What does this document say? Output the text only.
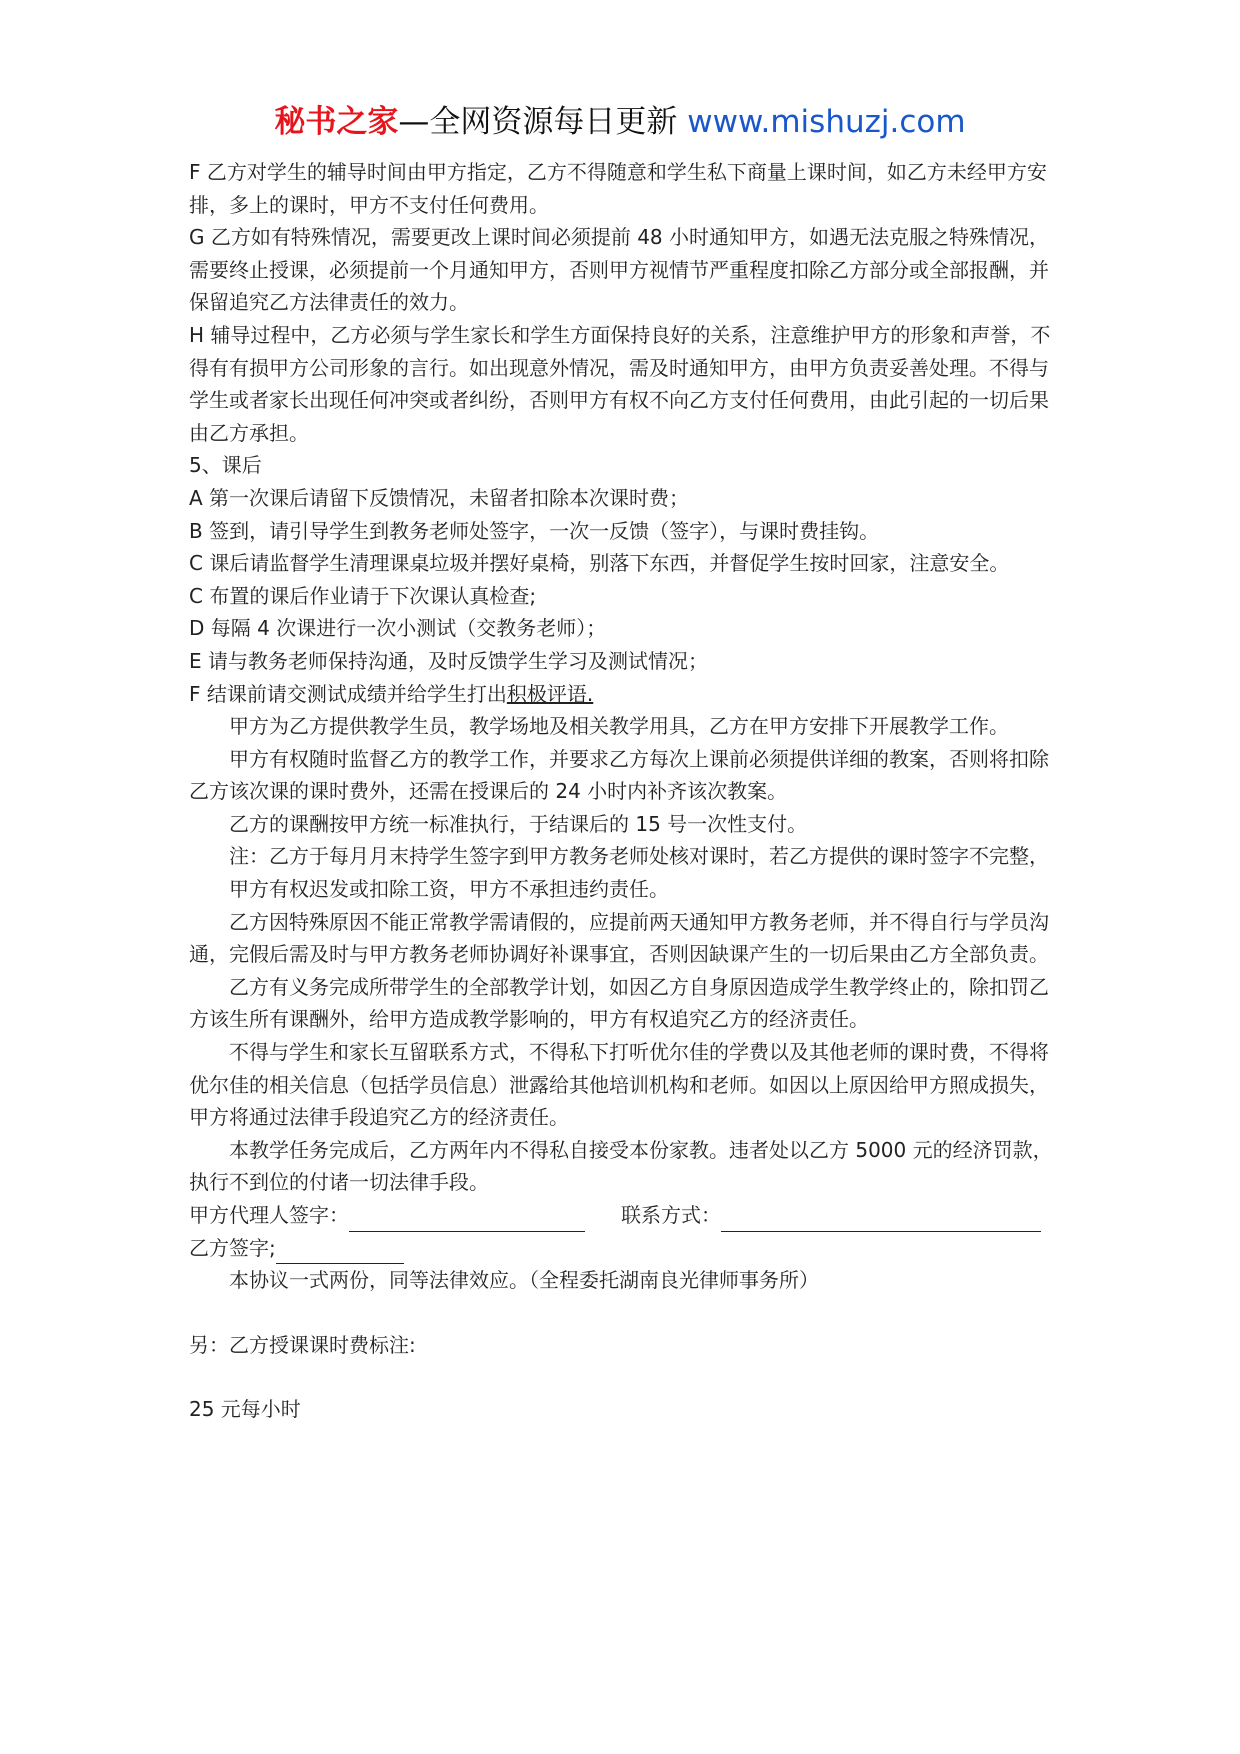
秘书之家—全网资源每日更新 www.mishuzj.com

F 乙方对学生的辅导时间由甲方指定，乙方不得随意和学生私下商量上课时间，如乙方未经甲方安排，多上的课时，甲方不支付任何费用。

G 乙方如有特殊情况，需要更改上课时间必须提前 48 小时通知甲方，如遇无法克服之特殊情况，需要终止授课，必须提前一个月通知甲方，否则甲方视情节严重程度扣除乙方部分或全部报酬，并保留追究乙方法律责任的效力。

H 辅导过程中，乙方必须与学生家长和学生方面保持良好的关系，注意维护甲方的形象和声誉，不得有有损甲方公司形象的言行。如出现意外情况，需及时通知甲方，由甲方负责妥善处理。不得与学生或者家长出现任何冲突或者纠纷，否则甲方有权不向乙方支付任何费用，由此引起的一切后果由乙方承担。

5、课后

A 第一次课后请留下反馈情况，未留者扣除本次课时费；

B 签到，请引导学生到教务老师处签字，一次一反馈（签字），与课时费挂钩。

C 课后请监督学生清理课桌垃圾并摆好桌椅，别落下东西，并督促学生按时回家，注意安全。

C 布置的课后作业请于下次课认真检查;

D 每隔 4 次课进行一次小测试（交教务老师）；

E 请与教务老师保持沟通，及时反馈学生学习及测试情况；

F 结课前请交测试成绩并给学生打出积极评语.

甲方为乙方提供教学生员，教学场地及相关教学用具，乙方在甲方安排下开展教学工作。

甲方有权随时监督乙方的教学工作，并要求乙方每次上课前必须提供详细的教案，否则将扣除乙方该次课的课时费外，还需在授课后的 24 小时内补齐该次教案。

乙方的课酬按甲方统一标准执行，于结课后的 15 号一次性支付。

注：乙方于每月月末持学生签字到甲方教务老师处核对课时，若乙方提供的课时签字不完整，甲方有权迟发或扣除工资，甲方不承担违约责任。

乙方因特殊原因不能正常教学需请假的，应提前两天通知甲方教务老师，并不得自行与学员沟通，完假后需及时与甲方教务老师协调好补课事宜，否则因缺课产生的一切后果由乙方全部负责。

乙方有义务完成所带学生的全部教学计划，如因乙方自身原因造成学生教学终止的，除扣罚乙方该生所有课酬外，给甲方造成教学影响的，甲方有权追究乙方的经济责任。

不得与学生和家长互留联系方式，不得私下打听优尔佳的学费以及其他老师的课时费，不得将优尔佳的相关信息（包括学员信息）泄露给其他培训机构和老师。如因以上原因给甲方照成损失，甲方将通过法律手段追究乙方的经济责任。

本教学任务完成后，乙方两年内不得私自接受本份家教。违者处以乙方 5000 元的经济罚款，执行不到位的付诸一切法律手段。

甲方代理人签字：	联系方式：
乙方签字;

本协议一式两份，同等法律效应。（全程委托湖南良光律师事务所）

另：乙方授课课时费标注:

25 元每小时
